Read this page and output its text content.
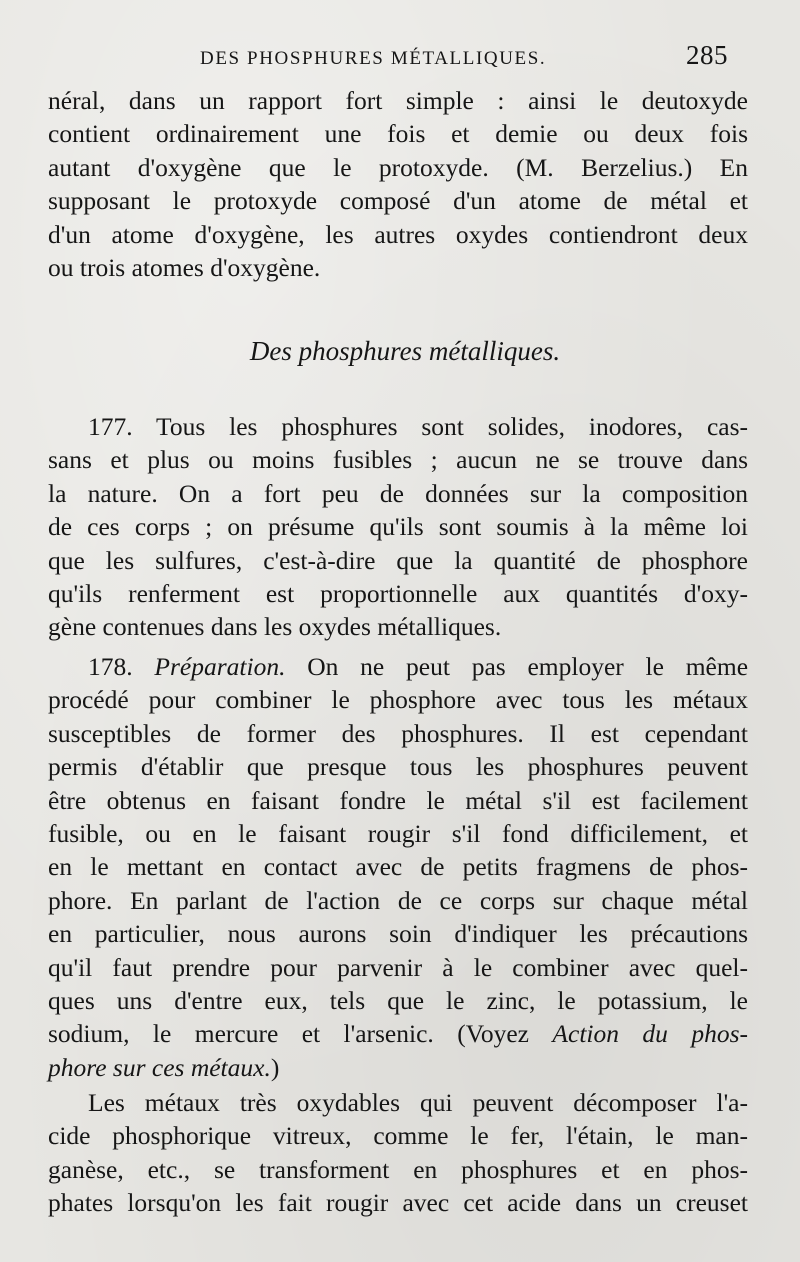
DES PHOSPHURES MÉTALLIQUES.	285
néral, dans un rapport fort simple : ainsi le deutoxyde
contient ordinairement une fois et demie ou deux fois
autant d'oxygène que le protoxyde. (M. Berzelius.) En
supposant le protoxyde composé d'un atome de métal et
d'un atome d'oxygène, les autres oxydes contiendront deux
ou trois atomes d'oxygène.
Des phosphures métalliques.
177. Tous les phosphures sont solides, inodores, cas-
sans et plus ou moins fusibles ; aucun ne se trouve dans
la nature. On a fort peu de données sur la composition
de ces corps ; on présume qu'ils sont soumis à la même loi
que les sulfures, c'est-à-dire que la quantité de phosphore
qu'ils renferment est proportionnelle aux quantités d'oxy-
gène contenues dans les oxydes métalliques.
178. Préparation. On ne peut pas employer le même
procédé pour combiner le phosphore avec tous les métaux
susceptibles de former des phosphures. Il est cependant
permis d'établir que presque tous les phosphures peuvent
être obtenus en faisant fondre le métal s'il est facilement
fusible, ou en le faisant rougir s'il fond difficilement, et
en le mettant en contact avec de petits fragmens de phos-
phore. En parlant de l'action de ce corps sur chaque métal
en particulier, nous aurons soin d'indiquer les précautions
qu'il faut prendre pour parvenir à le combiner avec quel-
ques uns d'entre eux, tels que le zinc, le potassium, le
sodium, le mercure et l'arsenic. (Voyez Action du phos-
phore sur ces métaux.)
Les métaux très oxydables qui peuvent décomposer l'a-
cide phosphorique vitreux, comme le fer, l'étain, le man-
ganèse, etc., se transforment en phosphures et en phos-
phates lorsqu'on les fait rougir avec cet acide dans un creuset
